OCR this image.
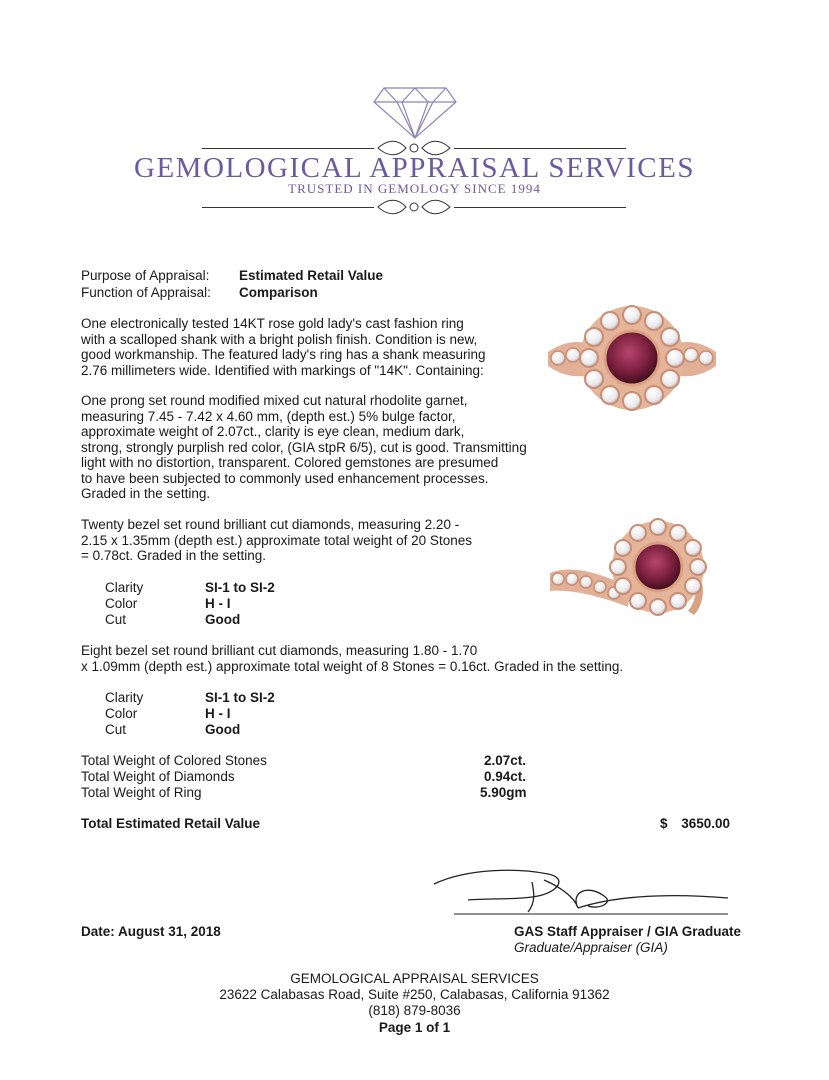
GEMOLOGICAL APPRAISAL SERVICES
TRUSTED IN GEMOLOGY SINCE 1994
Purpose of Appraisal: Estimated Retail Value
Function of Appraisal: Comparison
One electronically tested 14KT rose gold lady's cast fashion ring
with a scalloped shank with a bright polish finish. Condition is new,
good workmanship. The featured lady's ring has a shank measuring
2.76 millimeters wide. Identified with markings of "14K". Containing:
One prong set round modified mixed cut natural rhodolite garnet,
measuring 7.45 - 7.42 x 4.60 mm, (depth est.) 5% bulge factor,
approximate weight of 2.07ct., clarity is eye clean, medium dark,
strong, strongly purplish red color, (GIA stpR 6/5), cut is good. Transmitting
light with no distortion, transparent. Colored gemstones are presumed
to have been subjected to commonly used enhancement processes.
Graded in the setting.
Twenty bezel set round brilliant cut diamonds, measuring 2.20 -
2.15 x 1.35mm (depth est.) approximate total weight of 20 Stones
= 0.78ct. Graded in the setting.
Clarity	SI-1 to SI-2
Color	H - I
Cut	Good
Eight bezel set round brilliant cut diamonds, measuring 1.80 - 1.70
x 1.09mm (depth est.) approximate total weight of 8 Stones = 0.16ct. Graded in the setting.
Clarity	SI-1 to SI-2
Color	H - I
Cut	Good
Total Weight of Colored Stones	2.07ct.
Total Weight of Diamonds	0.94ct.
Total Weight of Ring	5.90gm
Total Estimated Retail Value	$ 3650.00
Date: August 31, 2018	GAS Staff Appraiser / GIA Graduate
Graduate/Appraiser (GIA)
GEMOLOGICAL APPRAISAL SERVICES
23622 Calabasas Road, Suite #250, Calabasas, California 91362
(818) 879-8036
Page 1 of 1
